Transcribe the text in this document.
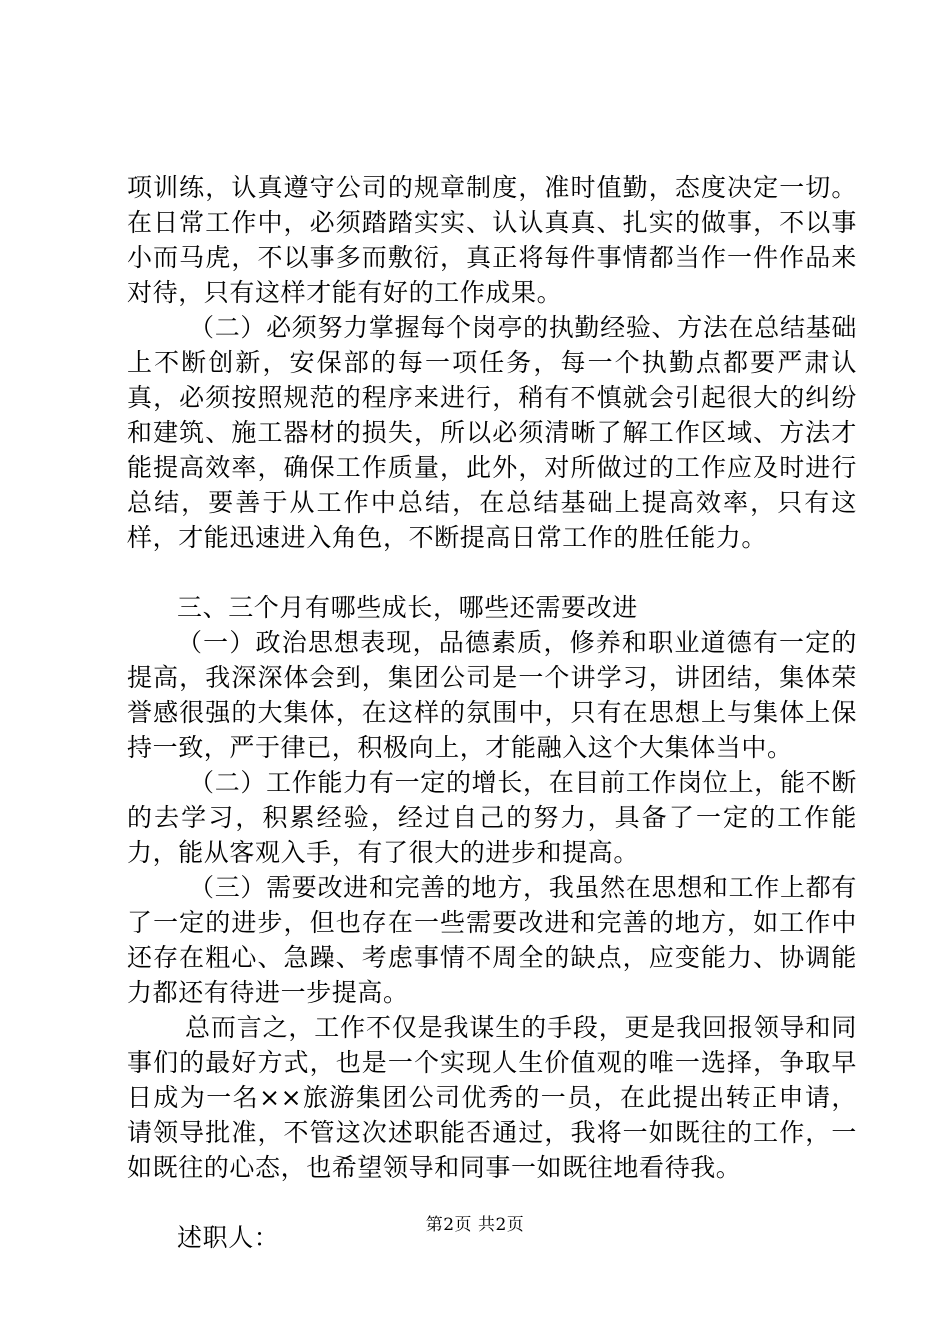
项训练，认真遵守公司的规章制度，准时值勤，态度决定一切。在日常工作中，必须踏踏实实、认认真真、扎实的做事，不以事小而马虎，不以事多而敷衍，真正将每件事情都当作一件作品来对待，只有这样才能有好的工作成果。

（二）必须努力掌握每个岗亭的执勤经验、方法在总结基础上不断创新，安保部的每一项任务，每一个执勤点都要严肃认真，必须按照规范的程序来进行，稍有不慎就会引起很大的纠纷和建筑、施工器材的损失，所以必须清晰了解工作区域、方法才能提高效率，确保工作质量，此外，对所做过的工作应及时进行总结，要善于从工作中总结，在总结基础上提高效率，只有这样，才能迅速进入角色，不断提高日常工作的胜任能力。

三、三个月有哪些成长，哪些还需要改进

（一）政治思想表现，品德素质，修养和职业道德有一定的提高，我深深体会到，集团公司是一个讲学习，讲团结，集体荣誉感很强的大集体，在这样的氛围中，只有在思想上与集体上保持一致，严于律已，积极向上，才能融入这个大集体当中。

（二）工作能力有一定的增长，在目前工作岗位上，能不断的去学习，积累经验，经过自己的努力，具备了一定的工作能力，能从客观入手，有了很大的进步和提高。

（三）需要改进和完善的地方，我虽然在思想和工作上都有了一定的进步，但也存在一些需要改进和完善的地方，如工作中还存在粗心、急躁、考虑事情不周全的缺点，应变能力、协调能力都还有待进一步提高。

总而言之，工作不仅是我谋生的手段，更是我回报领导和同事们的最好方式，也是一个实现人生价值观的唯一选择，争取早日成为一名××旅游集团公司优秀的一员，在此提出转正申请，请领导批准，不管这次述职能否通过，我将一如既往的工作，一如既往的心态，也希望领导和同事一如既往地看待我。

述职人：	第2页 共2页
